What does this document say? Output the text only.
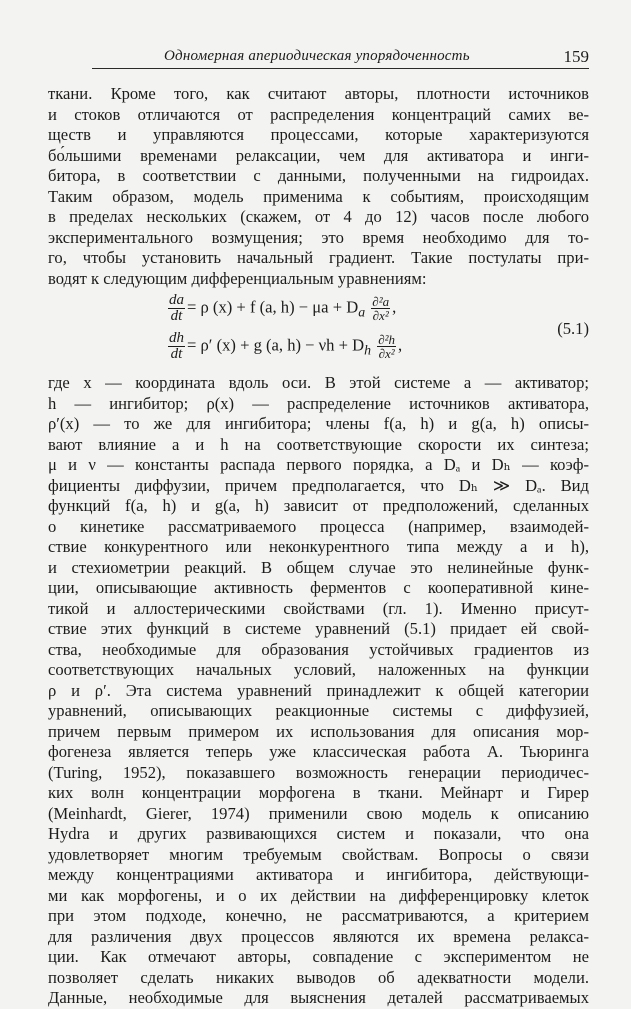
Одномерная апериодическая упорядоченность	159
ткани. Кроме того, как считают авторы, плотности источников
и стоков отличаются от распределения концентраций самих ве-
ществ и управляются процессами, которые характеризуются
бо́льшими временами релаксации, чем для активатора и инги-
битора, в соответствии с данными, полученными на гидроидах.
Таким образом, модель применима к событиям, происходящим
в пределах нескольких (скажем, от 4 до 12) часов после любого
экспериментального возмущения; это время необходимо для то-
го, чтобы установить начальный градиент. Такие постулаты при-
водят к следующим дифференциальным уравнениям:
$\frac{da}{dt} = \rho$ (x) + f (a, $h) - \mu a + D_a \frac{\text{∂²a}}{\text{∂x²}}$ ,
$\frac{dh}{dt} = \rho'$ (x) + g (a, $h) - \nu h + D_h \frac{\text{∂²h}}{\text{∂x²}}$ ,
(5.1)
где x — координата вдоль оси. В этой системе a — активатор;
h — ингибитор; ρ(x) — распределение источников активатора,
ρ′(x) — то же для ингибитора; члены f(a, h) и g(a, h) описы-
вают влияние a и h на соответствующие скорости их синтеза;
μ и ν — константы распада первого порядка, а Dₐ и Dₕ — коэф-
фициенты диффузии, причем предполагается, что Dₕ ≫ Dₐ. Вид
функций f(a, h) и g(a, h) зависит от предположений, сделанных
о кинетике рассматриваемого процесса (например, взаимодей-
ствие конкурентного или неконкурентного типа между a и h),
и стехиометрии реакций. В общем случае это нелинейные функ-
ции, описывающие активность ферментов с кооперативной кине-
тикой и аллостерическими свойствами (гл. 1). Именно присут-
ствие этих функций в системе уравнений (5.1) придает ей свой-
ства, необходимые для образования устойчивых градиентов из
соответствующих начальных условий, наложенных на функции
ρ и ρ′. Эта система уравнений принадлежит к общей категории
уравнений, описывающих реакционные системы с диффузией,
причем первым примером их использования для описания мор-
фогенеза является теперь уже классическая работа А. Тьюринга
(Turing, 1952), показавшего возможность генерации периодичес-
ких волн концентрации морфогена в ткани. Мейнарт и Гирер
(Meinhardt, Gierer, 1974) применили свою модель к описанию
Hydra и других развивающихся систем и показали, что она
удовлетворяет многим требуемым свойствам. Вопросы о связи
между концентрациями активатора и ингибитора, действующи-
ми как морфогены, и о их действии на дифференцировку клеток
при этом подходе, конечно, не рассматриваются, а критерием
для различения двух процессов являются их времена релакса-
ции. Как отмечают авторы, совпадение с экспериментом не
позволяет сделать никаких выводов об адекватности модели.
Данные, необходимые для выяснения деталей рассматриваемых
